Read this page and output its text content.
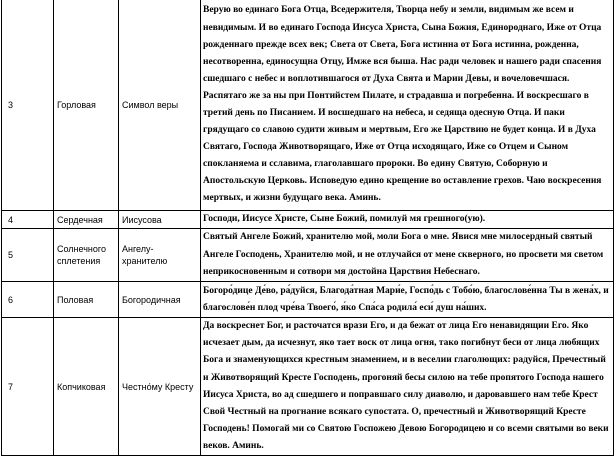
3	Горловая	Символ веры	Верую во единаго Бога Отца, Вседержителя, Творца небу и земли, видимым же всем и невидимым. И во единаго Господа Иисуса Христа, Сына Божия, Единороднаго, Иже от Отца рожденнаго прежде всех век; Света от Света, Бога истинна от Бога истинна, рожденна, несотворенна, единосущна Отцу, Имже вся быша. Нас ради человек и нашего ради спасения сшедшаго с небес и воплотившагося от Духа Свята и Марии Девы, и вочеловечшася. Распятаго же за ны при Понтийстем Пилате, и страдавша и погребенна. И воскресшаго в третий день по Писанием. И восшедшаго на небеса, и седяща одесную Отца. И паки грядущаго со славою судити живым и мертвым, Его же Царствию не будет конца. И в Духа Святаго, Господа Животворящаго, Иже от Отца исходящаго, Иже со Отцем и Сыном спокланяема и сславима, глаголавшаго пророки. Во едину Святую, Соборную и Апостольскую Церковь. Исповедую едино крещение во оставление грехов. Чаю воскресения мертвых, и жизни будущаго века. Аминь.
4	Сердечная	Иисусова	Господи, Иисусе Христе, Сыне Божий, помилуй мя грешного(ую).
5	Солнечного сплетения	Ангелу-хранителю	Святый Ангеле Божий, хранителю мой, моли Бога о мне. Явися мне милосердный святый Ангеле Господень, Хранителю мой, и не отлучайся от мене скверного, но просвети мя светом неприкосновенным и сотвори мя достойна Царствия Небеснаго.
6	Половая	Богородичная	Богоро́дице Де́во, ра́дуйся, Благода́тная Мари́е, Госпо́дь с Тобо́ю, благослове́нна Ты в жена́х, и благослове́н плод чре́ва Твоего́, я́ко Спа́са родила́ еси́ душ на́ших.
7	Копчиковая	Честно́му Кресту	Да воскреснет Бог, и расточатся врази Его, и да бежат от лица Его ненавидящии Его. Яко исчезает дым, да исчезнут, яко тает воск от лица огня, тако погибнут беси от лица любящих Бога и знаменующихся крестным знамением, и в веселии глаголющих: радуйся, Пречестный и Животворящий Кресте Господень, прогоняй бесы силою на тебе пропятого Господа нашего Иисуса Христа, во ад сшедшего и поправшаго силу диаволю, и даровавшего нам тебе Крест Свой Честный на прогнание всякаго супостата. О, пречестный и Животворящий Кресте Господень! Помогай ми со Святою Госпожею Девою Богородицею и со всеми святыми во веки веков. Аминь.
